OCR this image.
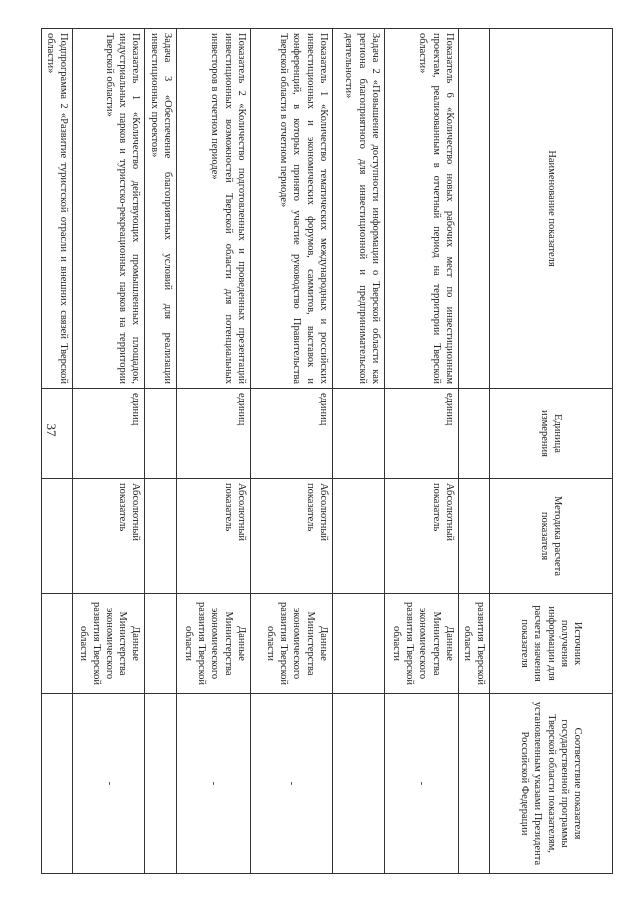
37
Наименование показателя	Единица измерения	Методика расчета показателя	Источник получения информации для расчета значения показателя	Соответствие показателя государственной программы Тверской области показателям, установленным указами Президента Российской Федерации
			развития Тверской области	
Показатель 6 «Количество новых рабочих мест по инвестиционным проектам, реализованным в отчетный период на территории Тверской области»	единиц	Абсолютный показатель	Данные Министерства экономического развития Тверской области	-
Задача 2 «Повышение доступности информации о Тверской области как региона благоприятного для инвестиционной и предпринимательской деятельности»				
Показатель 1 «Количество тематических международных и российских инвестиционных и экономических форумов, саммитов, выставок и конференций, в которых принято участие руководство Правительства Тверской области в отчетном периоде»	единиц	Абсолютный показатель	Данные Министерства экономического развития Тверской области	-
Показатель 2 «Количество подготовленных и проведенных презентаций инвестиционных возможностей Тверской области для потенциальных инвесторов в отчетном периоде»	единиц	Абсолютный показатель	Данные Министерства экономического развития Тверской области	-
Задача 3 «Обеспечение благоприятных условий для реализации инвестиционных проектов»				
Показатель 1 «Количество действующих промышленных площадок, индустриальных парков и туристско-рекреационных парков на территории Тверской области»	единиц	Абсолютный показатель	Данные Министерства экономического развития Тверской области	-
Подпрограмма 2 «Развитие туристской отрасли и внешних связей Тверской области»				
